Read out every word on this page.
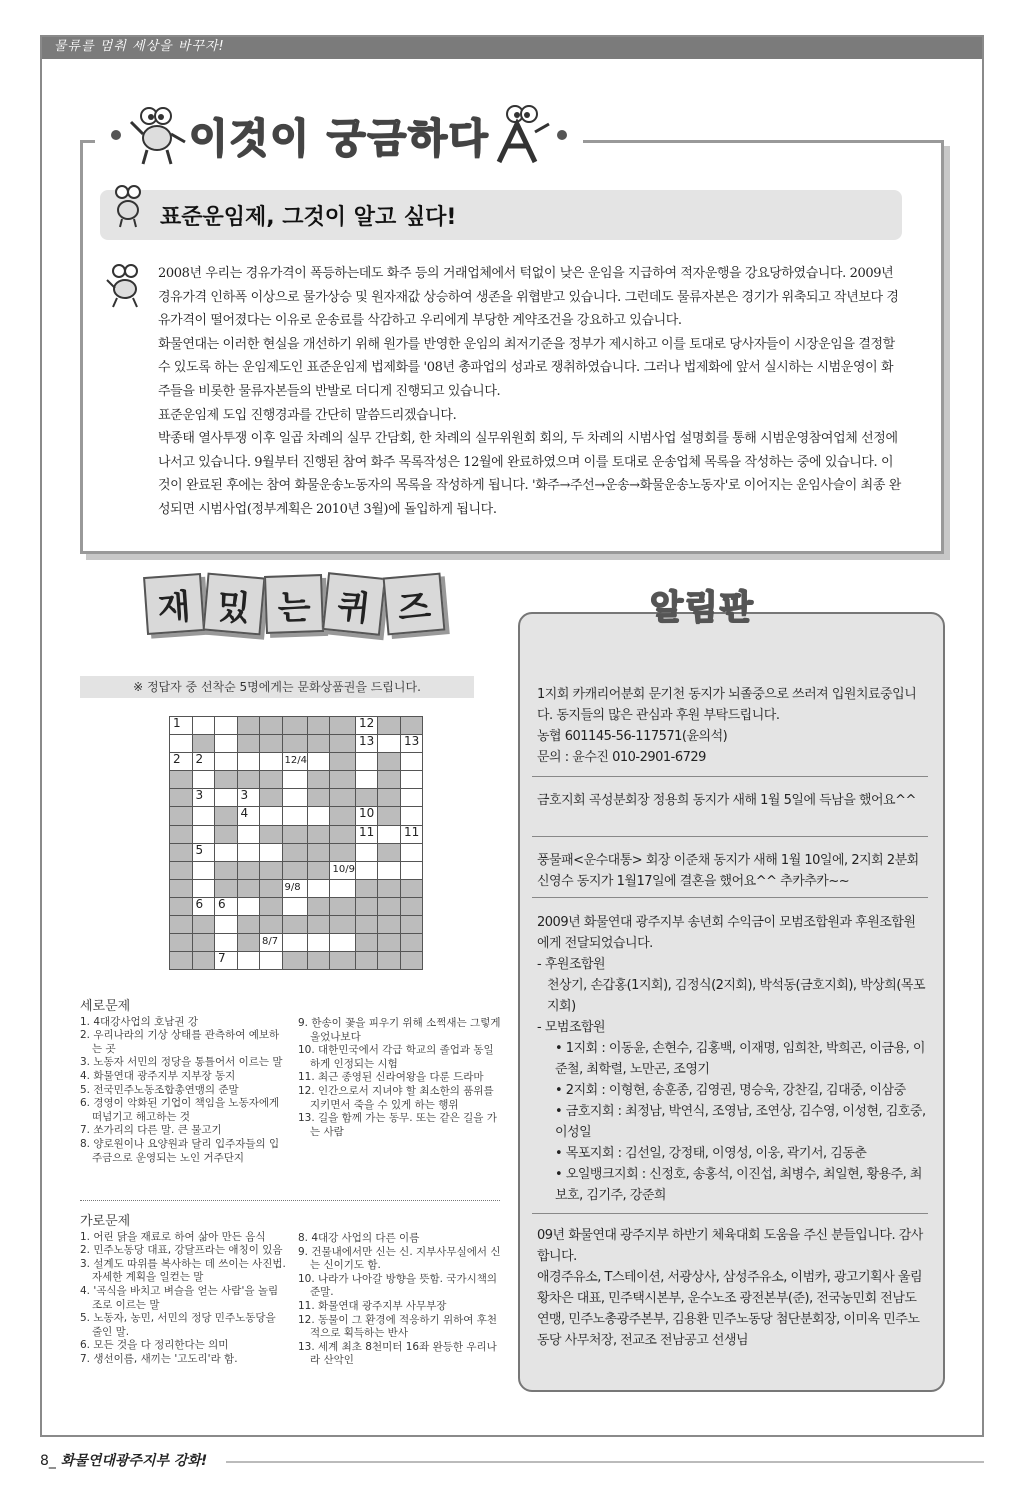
물류를 멈춰 세상을 바꾸자!
이것이 궁금하다
표준운임제, 그것이 알고 싶다!

2008년 우리는 경유가격이 폭등하는데도 화주 등의 거래업체에서 턱없이 낮은 운임을 지급하여 적자운행을 강요당하였습니다. 2009년 경유가격 인하폭 이상으로 물가상승 및 원자재값 상승하여 생존을 위협받고 있습니다. 그런데도 물류자본은 경기가 위축되고 작년보다 경유가격이 떨어졌다는 이유로 운송료를 삭감하고 우리에게 부당한 계약조건을 강요하고 있습니다.

화물연대는 이러한 현실을 개선하기 위해 원가를 반영한 운임의 최저기준을 정부가 제시하고 이를 토대로 당사자들이 시장운임을 결정할 수 있도록 하는 운임제도인 표준운임제 법제화를 '08년 총파업의 성과로 쟁취하였습니다. 그러나 법제화에 앞서 실시하는 시범운영이 화주들을 비롯한 물류자본들의 반발로 더디게 진행되고 있습니다.

표준운임제 도입 진행경과를 간단히 말씀드리겠습니다.

박종태 열사투쟁 이후 일곱 차례의 실무 간담회, 한 차례의 실무위원회 회의, 두 차례의 시범사업 설명회를 통해 시범운영참여업체 선정에 나서고 있습니다. 9월부터 진행된 참여 화주 목록작성은 12월에 완료하였으며 이를 토대로 운송업체 목록을 작성하는 중에 있습니다. 이것이 완료된 후에는 참여 화물운송노동자의 목록을 작성하게 됩니다. '화주→주선→운송→화물운송노동자'로 이어지는 운임사슬이 최종 완성되면 시범사업(정부계획은 2010년 3월)에 돌입하게 됩니다.

재 밌 는 퀴 즈
※ 정답자 중 선착순 5명에게는 문화상품권을 드립니다.
1								12		
								13		13
2	2				12/4					

	3		3							
			4					10		
								11		11
	5									
							10/9			
					9/8					
	6	6								

				8/7						
		7								
세로문제
1. 4대강사업의 호남권 강
2. 우리나라의 기상 상태를 관측하여 예보하는 곳
3. 노동자 서민의 정당을 통틀어서 이르는 말
4. 화물연대 광주지부 지부장 동지
5. 전국민주노동조합총연맹의 준말
6. 경영이 악화된 기업이 책임을 노동자에게 떠넘기고 해고하는 것
7. 쏘가리의 다른 말. 큰 물고기
8. 양로원이나 요양원과 달리 입주자들의 입주금으로 운영되는 노인 거주단지
9. 한송이 꽃을 피우기 위해 소쩍새는 그렇게 울었나보다
10. 대한민국에서 각급 학교의 졸업과 동일하게 인정되는 시험
11. 최근 종영된 신라여왕을 다룬 드라마
12. 인간으로서 지녀야 할 최소한의 품위를 지키면서 죽을 수 있게 하는 행위
13. 길을 함께 가는 동무. 또는 같은 길을 가는 사람
가로문제
1. 어린 닭을 재료로 하여 삶아 만든 음식
2. 민주노동당 대표, 강달프라는 애칭이 있음
3. 설계도 따위를 복사하는 데 쓰이는 사진법. 자세한 계획을 일컫는 말
4. '곡식을 바치고 벼슬을 얻는 사람'을 놀림조로 이르는 말
5. 노동자, 농민, 서민의 정당 민주노동당을 줄인 말.
6. 모든 것을 다 정리한다는 의미
7. 생선이름, 새끼는 '고도리'라 함.
8. 4대강 사업의 다른 이름
9. 건물내에서만 신는 신. 지부사무실에서 신는 신이기도 함.
10. 나라가 나아갈 방향을 뜻함. 국가시책의 준말.
11. 화물연대 광주지부 사무부장
12. 동물이 그 환경에 적응하기 위하여 후천적으로 획득하는 반사
13. 세계 최초 8천미터 16좌 완등한 우리나라 산악인
알림판

1지회 카캐리어분회 문기천 동지가 뇌졸중으로 쓰러져 입원치료중입니다. 동지들의 많은 관심과 후원 부탁드립니다.

농협 601145-56-117571(윤의석)

문의 : 윤수진 010-2901-6729

금호지회 곡성분회장 정용희 동지가 새해 1월 5일에 득남을 했어요^^

풍물패<운수대통> 회장 이준채 동지가 새해 1월 10일에, 2지회 2분회 신영수 동지가 1월17일에 결혼을 했어요^^ 추카추카~~

2009년 화물연대 광주지부 송년회 수익금이 모범조합원과 후원조합원에게 전달되었습니다.

- 후원조합원

천상기, 손갑홍(1지회), 김정식(2지회), 박석동(금호지회), 박상희(목포지회)

- 모범조합원

• 1지회 : 이동윤, 손현수, 김홍백, 이재명, 임희찬, 박희곤, 이금용, 이준철, 최학렬, 노만곤, 조영기

• 2지회 : 이형현, 송훈종, 김영권, 명승욱, 강찬길, 김대중, 이삼중

• 금호지회 : 최정남, 박연식, 조영남, 조연상, 김수영, 이성현, 김호중, 이성일

• 목포지회 : 김선일, 강정태, 이영성, 이웅, 곽기서, 김동춘

• 오일뱅크지회 : 신정호, 송홍석, 이진섭, 최병수, 최일현, 황용주, 최보호, 김기주, 강준희

09년 화물연대 광주지부 하반기 체육대회 도움을 주신 분들입니다. 감사합니다.

애경주유소, T스테이션, 서광상사, 삼성주유소, 이범카, 광고기획사 울림 황차은 대표, 민주택시본부, 운수노조 광전본부(준), 전국농민회 전남도연맹, 민주노총광주본부, 김용환 민주노동당 첨단분회장, 이미옥 민주노동당 사무처장, 전교조 전남공고 선생님

8_ 화물연대광주지부 강화!
